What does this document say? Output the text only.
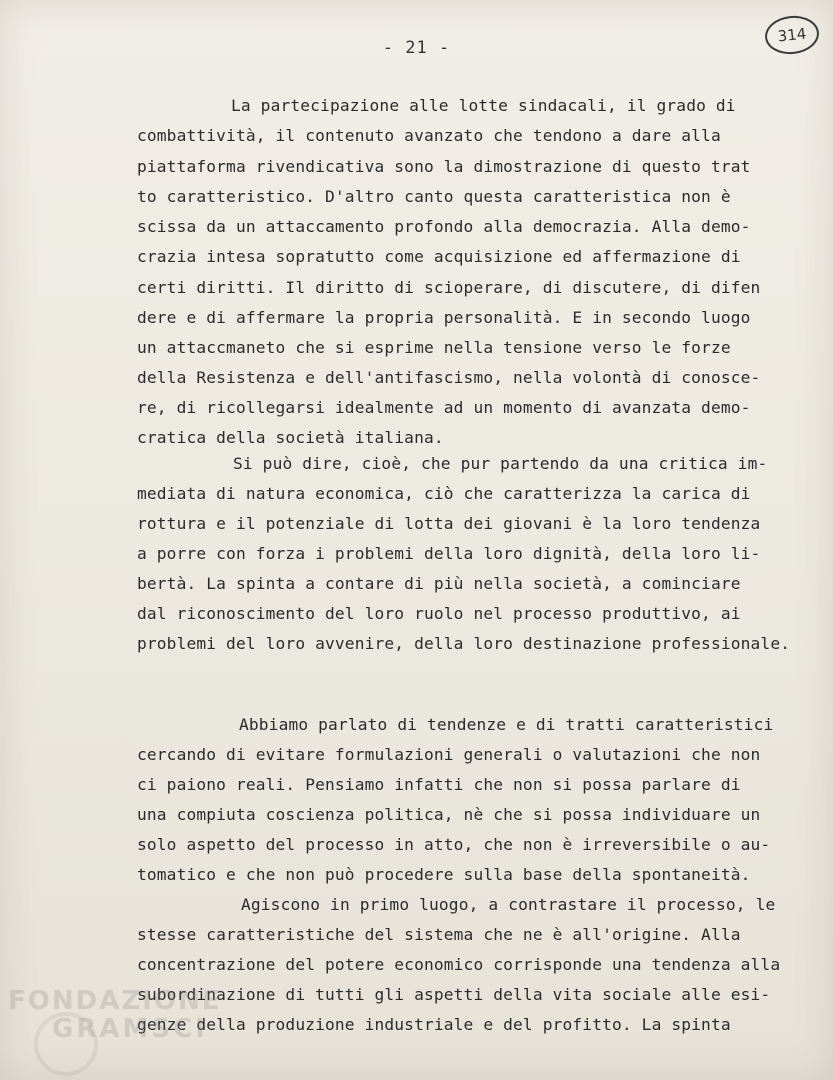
- 21 -
314
La partecipazione alle lotte sindacali, il grado di
combattività, il contenuto avanzato che tendono a dare alla
piattaforma rivendicativa sono la dimostrazione di questo trat
to caratteristico. D'altro canto questa caratteristica non è
scissa da un attaccamento profondo alla democrazia. Alla demo-
crazia intesa sopratutto come acquisizione ed affermazione di
certi diritti. Il diritto di scioperare, di discutere, di difen
dere e di affermare la propria personalità. E in secondo luogo
un attaccmaneto che si esprime nella tensione verso le forze
della Resistenza e dell'antifascismo, nella volontà di conosce-
re, di ricollegarsi idealmente ad un momento di avanzata demo-
cratica della società italiana.
Si può dire, cioè, che pur partendo da una critica im-
mediata di natura economica, ciò che caratterizza la carica di
rottura e il potenziale di lotta dei giovani è la loro tendenza
a porre con forza i problemi della loro dignità, della loro li-
bertà. La spinta a contare di più nella società, a cominciare
dal riconoscimento del loro ruolo nel processo produttivo, ai
problemi del loro avvenire, della loro destinazione professionale.
Abbiamo parlato di tendenze e di tratti caratteristici
cercando di evitare formulazioni generali o valutazioni che non
ci paiono reali. Pensiamo infatti che non si possa parlare di
una compiuta coscienza politica, nè che si possa individuare un
solo aspetto del processo in atto, che non è irreversibile o au-
tomatico e che non può procedere sulla base della spontaneità.
Agiscono in primo luogo, a contrastare il processo, le
stesse caratteristiche del sistema che ne è all'origine. Alla
concentrazione del potere economico corrisponde una tendenza alla
subordinazione di tutti gli aspetti della vita sociale alle esi-
genze della produzione industriale e del profitto. La spinta
FONDAZIONE
GRAMSCI
